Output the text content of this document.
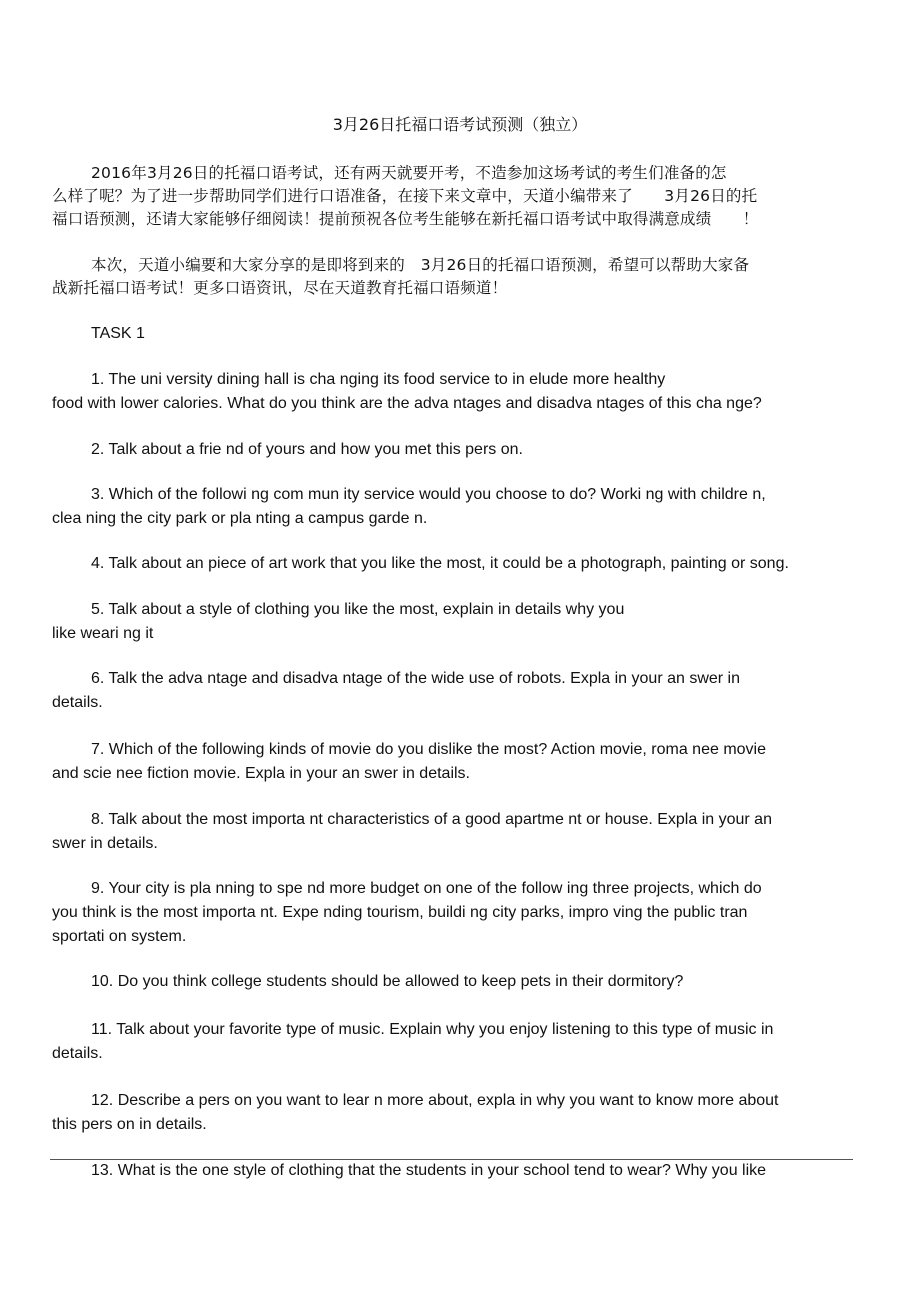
3月26日托福口语考试预测（独立）
2016年3月26日的托福口语考试，还有两天就要开考，不造参加这场考试的考生们准备的怎
么样了呢？为了进一步帮助同学们进行口语准备，在接下来文章中，天道小编带来了　　3月26日的托
福口语预测，还请大家能够仔细阅读！提前预祝各位考生能够在新托福口语考试中取得满意成绩　　！
本次，天道小编要和大家分享的是即将到来的　3月26日的托福口语预测，希望可以帮助大家备
战新托福口语考试！更多口语资讯，尽在天道教育托福口语频道！
TASK 1
1. The uni versity dining hall is cha nging its food service to in elude more healthy
food with lower calories. What do you think are the adva ntages and disadva ntages of this cha nge?
2. Talk about a frie nd of yours and how you met this pers on.
3. Which of the followi ng com mun ity service would you choose to do? Worki ng with childre n,
clea ning the city park or pla nting a campus garde n.
4. Talk about an piece of art work that you like the most, it could be a photograph, painting or song.
5. Talk about a style of clothing you like the most, explain in details why you
like weari ng it
6. Talk the adva ntage and disadva ntage of the wide use of robots. Expla in your an swer in
details.
7. Which of the following kinds of movie do you dislike the most? Action movie, roma nee movie
and scie nee fiction movie. Expla in your an swer in details.
8. Talk about the most importa nt characteristics of a good apartme nt or house. Expla in your an
swer in details.
9. Your city is pla nning to spe nd more budget on one of the follow ing three projects, which do
you think is the most importa nt. Expe nding tourism, buildi ng city parks, impro ving the public tran
sportati on system.
10. Do you think college students should be allowed to keep pets in their dormitory?
11. Talk about your favorite type of music. Explain why you enjoy listening to this type of music in
details.
12. Describe a pers on you want to lear n more about, expla in why you want to know more about
this pers on in details.
13. What is the one style of clothing that the students in your school tend to wear? Why you like
